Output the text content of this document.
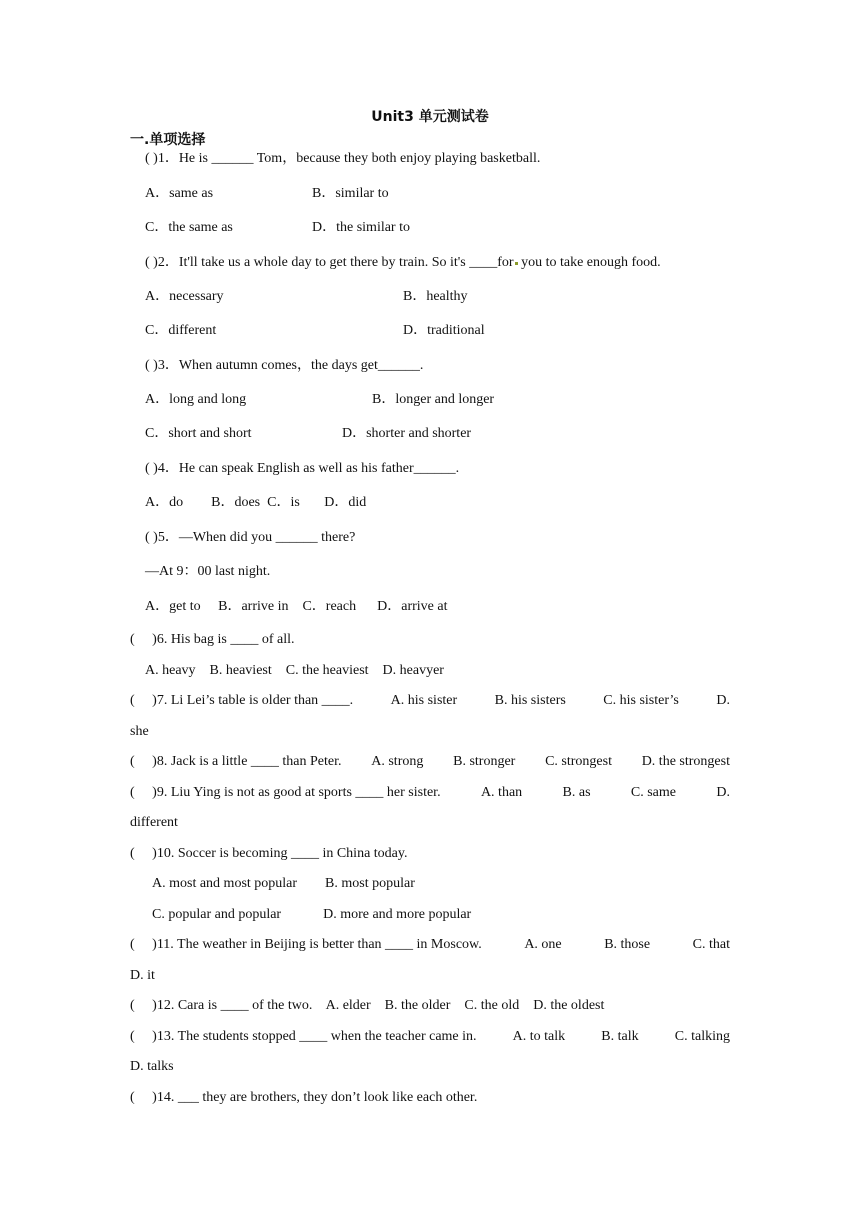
Unit3 单元测试卷
一.单项选择
( )1．He is ______ Tom，because they both enjoy playing basketball.
A．same as	B．similar to
C．the same as	D．the similar to
( )2．It'll take us a whole day to get there by train. So it's ____for you to take enough food.
A．necessary	B．healthy
C．different	D．traditional
( )3．When autumn comes，the days get______.
A．long and long	B．longer and longer
C．short and short	D．shorter and shorter
( )4．He can speak English as well as his father______.
A．do        B．does  C．is       D．did
( )5．—When did you ______ there?
—At 9：00 last night.
A．get to     B．arrive in    C．reach      D．arrive at
(     )6. His bag is ____ of all.
A. heavy    B. heaviest    C. the heaviest    D. heavyer
(     )7. Li Lei’s table is older than ____.	A. his sister	B. his sisters	C. his sister’s	D.
she
(     )8. Jack is a little ____ than Peter. A. strong B. stronger C. strongest D. the strongest
(     )9. Liu Ying is not as good at sports ____ her sister.	A. than	B. as	C. same	D.
different
(     )10. Soccer is becoming ____ in China today.
A. most and most popular        B. most popular
C. popular and popular            D. more and more popular
(     )11. The weather in Beijing is better than ____ in Moscow.	A. one	B. those	C. that
D. it
(     )12. Cara is ____ of the two.    A. elder    B. the older    C. the old    D. the oldest
(     )13. The students stopped ____ when the teacher came in.	A. to talk	B. talk	C. talking
D. talks
(     )14. ___ they are brothers, they don’t look like each other.
